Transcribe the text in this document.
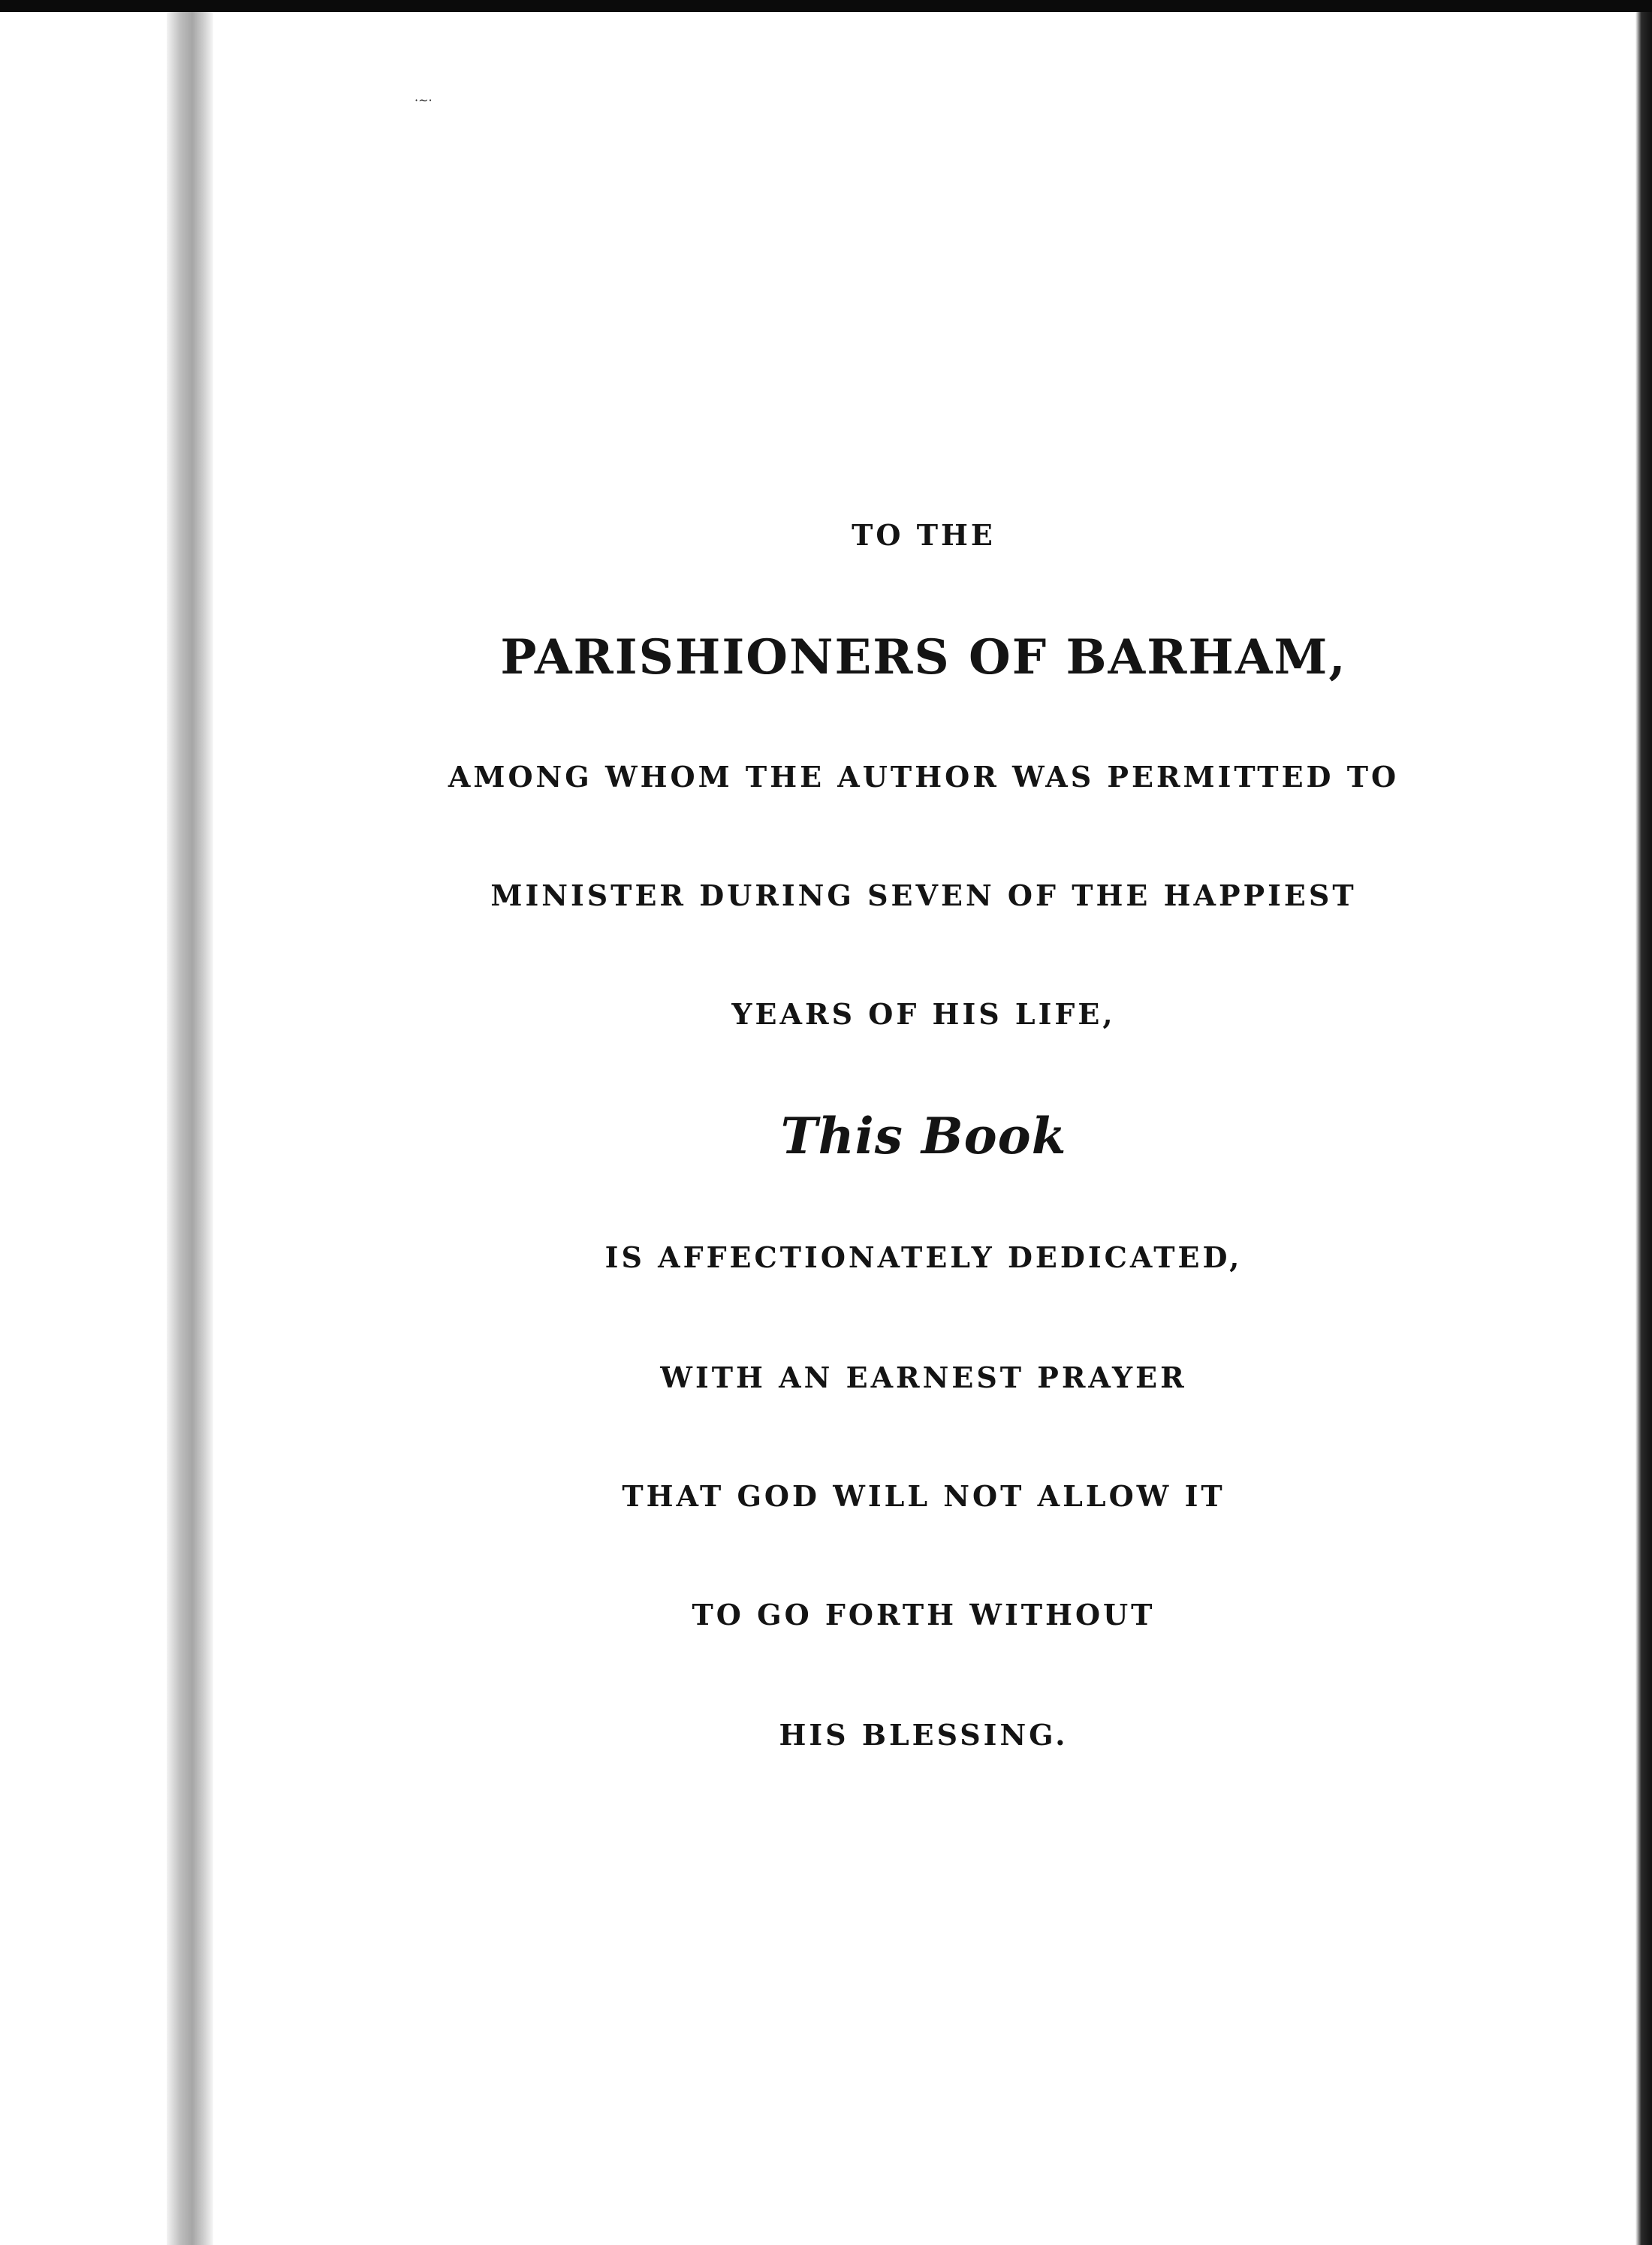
·~·
TO THE
PARISHIONERS OF BARHAM,
AMONG WHOM THE AUTHOR WAS PERMITTED TO
MINISTER DURING SEVEN OF THE HAPPIEST
YEARS OF HIS LIFE,
This Book
IS AFFECTIONATELY DEDICATED,
WITH AN EARNEST PRAYER
THAT GOD WILL NOT ALLOW IT
TO GO FORTH WITHOUT
HIS BLESSING.
